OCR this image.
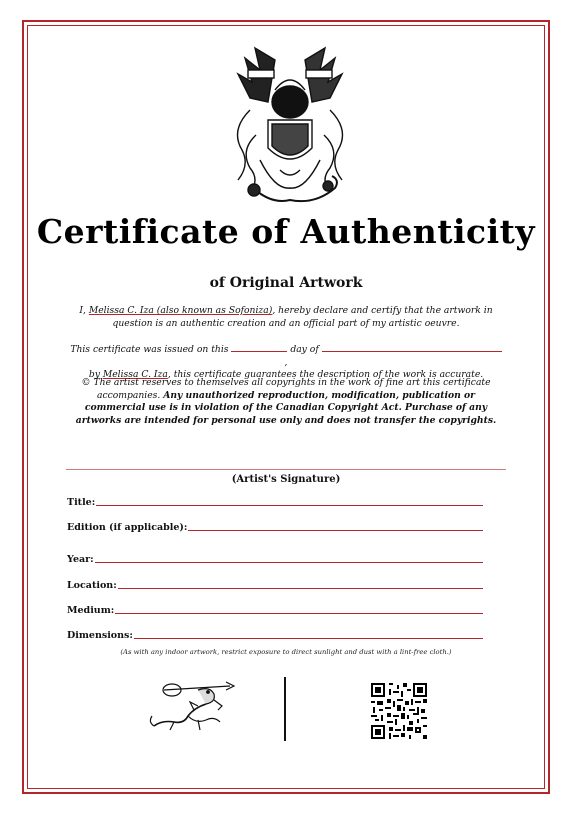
Certificate of Authenticity
of Original Artwork
I, Melissa C. Iza (also known as Sofoniza), hereby declare and certify that the artwork in question is an authentic creation and an official part of my artistic oeuvre.
This certificate was issued on this	day of ,
by Melissa C. Iza, this certificate guarantees the description of the work is accurate.
© The artist reserves to themselves all copyrights in the work of fine art this certificate accompanies. Any unauthorized reproduction, modification, publication or commercial use is in violation of the Canadian Copyright Act. Purchase of any artworks are intended for personal use only and does not transfer the copyrights.
(Artist's Signature)
Title:
Edition (if applicable):
Year:
Location:
Medium:
Dimensions:
(As with any indoor artwork, restrict exposure to direct sunlight and dust with a lint-free cloth.)
